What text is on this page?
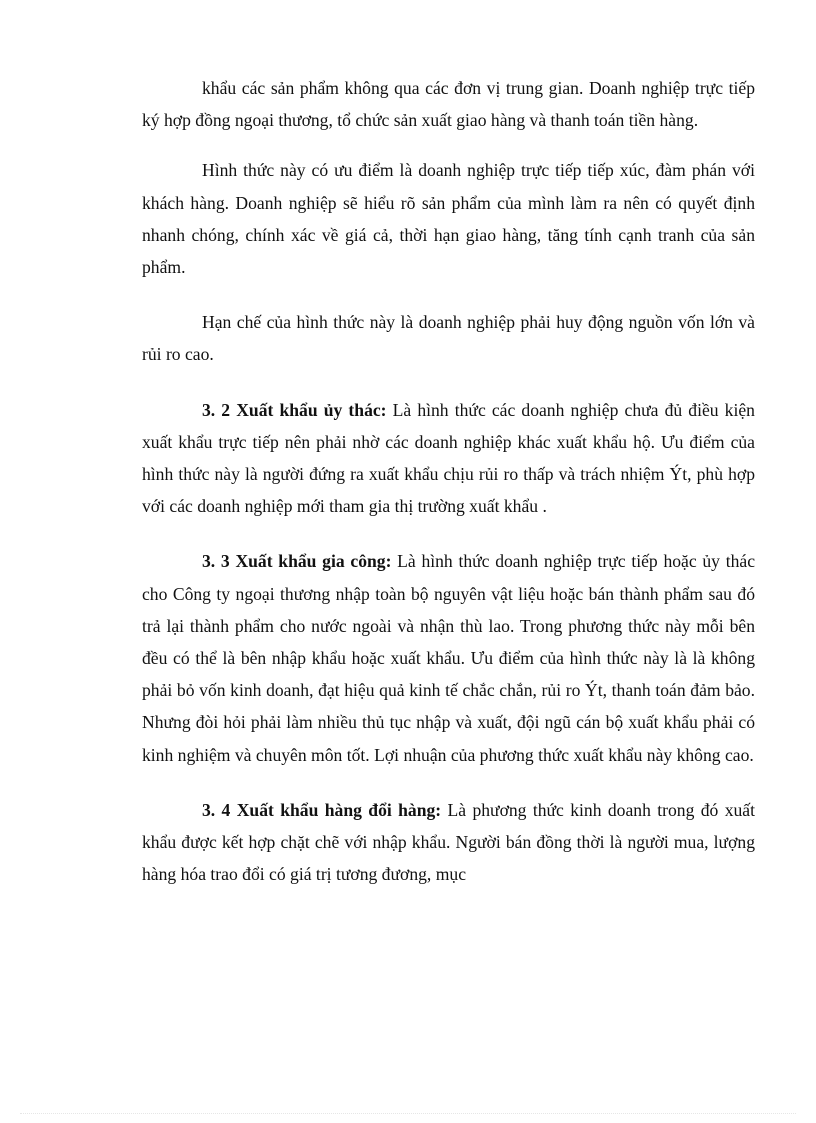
khẩu các sản phẩm không qua các đơn vị trung gian. Doanh nghiệp trực tiếp ký hợp đồng ngoại thương, tổ chức sản xuất giao hàng và thanh toán tiền hàng.

Hình thức này có ưu điểm là doanh nghiệp trực tiếp tiếp xúc, đàm phán với khách hàng. Doanh nghiệp sẽ hiểu rõ sản phẩm của mình làm ra nên có quyết định nhanh chóng, chính xác về giá cả, thời hạn giao hàng, tăng tính cạnh tranh của sản phẩm.

Hạn chế của hình thức này là doanh nghiệp phải huy động nguồn vốn lớn và rủi ro cao.

3. 2 Xuất khẩu ủy thác: Là hình thức các doanh nghiệp chưa đủ điều kiện xuất khẩu trực tiếp nên phải nhờ các doanh nghiệp khác xuất khẩu hộ. Ưu điểm của hình thức này là người đứng ra xuất khẩu chịu rủi ro thấp và trách nhiệm Ýt, phù hợp với các doanh nghiệp mới tham gia thị trường xuất khẩu .

3. 3 Xuất khẩu gia công: Là hình thức doanh nghiệp trực tiếp hoặc ủy thác cho Công ty ngoại thương nhập toàn bộ nguyên vật liệu hoặc bán thành phẩm sau đó trả lại thành phẩm cho nước ngoài và nhận thù lao. Trong phương thức này mỗi bên đều có thể là bên nhập khẩu hoặc xuất khẩu. Ưu điểm của hình thức này là là không phải bỏ vốn kinh doanh, đạt hiệu quả kinh tế chắc chắn, rủi ro Ýt, thanh toán đảm bảo. Nhưng đòi hỏi phải làm nhiều thủ tục nhập và xuất, đội ngũ cán bộ xuất khẩu phải có kinh nghiệm và chuyên môn tốt. Lợi nhuận của phương thức xuất khẩu này không cao.

3. 4 Xuất khẩu hàng đổi hàng: Là phương thức kinh doanh trong đó xuất khẩu được kết hợp chặt chẽ với nhập khẩu. Người bán đồng thời là người mua, lượng hàng hóa trao đổi có giá trị tương đương, mục
